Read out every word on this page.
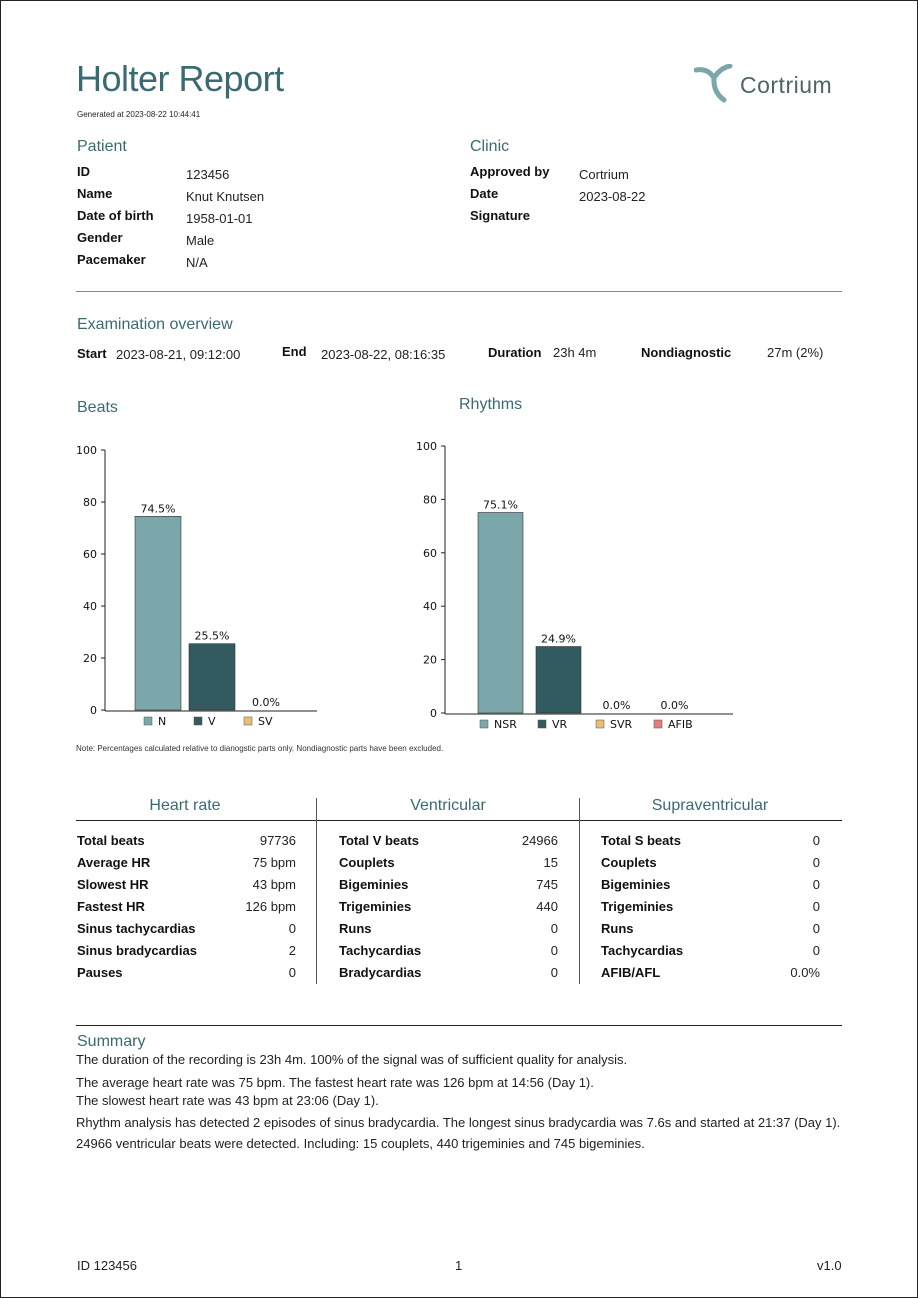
Holter Report
Generated at 2023-08-22 10:44:41
Cortrium
Patient
ID	123456
Name	Knut Knutsen
Date of birth 1958-01-01
Gender	Male
Pacemaker	N/A
Clinic
Approved by Cortrium
Date	2023-08-22
Signature
Examination overview
Start 2023-08-21, 09:12:00	End 2023-08-22, 08:16:35	Duration 23h 4m	Nondiagnostic	27m (2%)
Beats	Rhythms
0
20
40
60
80
100
74.5%
25.5%
0.0%
N	V	SV
0
20
40
60
80
100
75.1%
24.9%
0.0%	0.0%
NSR	VR	SVR	AFIB
Note: Percentages calculated relative to dianogstic parts only. Nondiagnostic parts have been excluded.
Heart rate	Ventricular	Supraventricular
Total beats	97736
Average HR	75 bpm
Slowest HR	43 bpm
Fastest HR	126 bpm
Sinus tachycardias	0
Sinus bradycardias	2
Pauses	0
Total V beats	24966
Couplets	15
Bigeminies	745
Trigeminies	440
Runs	0
Tachycardias	0
Bradycardias	0
Total S beats	0
Couplets	0
Bigeminies	0
Trigeminies	0
Runs	0
Tachycardias	0
AFIB/AFL	0.0%
Summary
The duration of the recording is 23h 4m. 100% of the signal was of sufficient quality for analysis.
The average heart rate was 75 bpm. The fastest heart rate was 126 bpm at 14:56 (Day 1).
The slowest heart rate was 43 bpm at 23:06 (Day 1).
Rhythm analysis has detected 2 episodes of sinus bradycardia. The longest sinus bradycardia was 7.6s and started at 21:37 (Day 1).
24966 ventricular beats were detected. Including: 15 couplets, 440 trigeminies and 745 bigeminies.
ID 123456	1	v1.0
